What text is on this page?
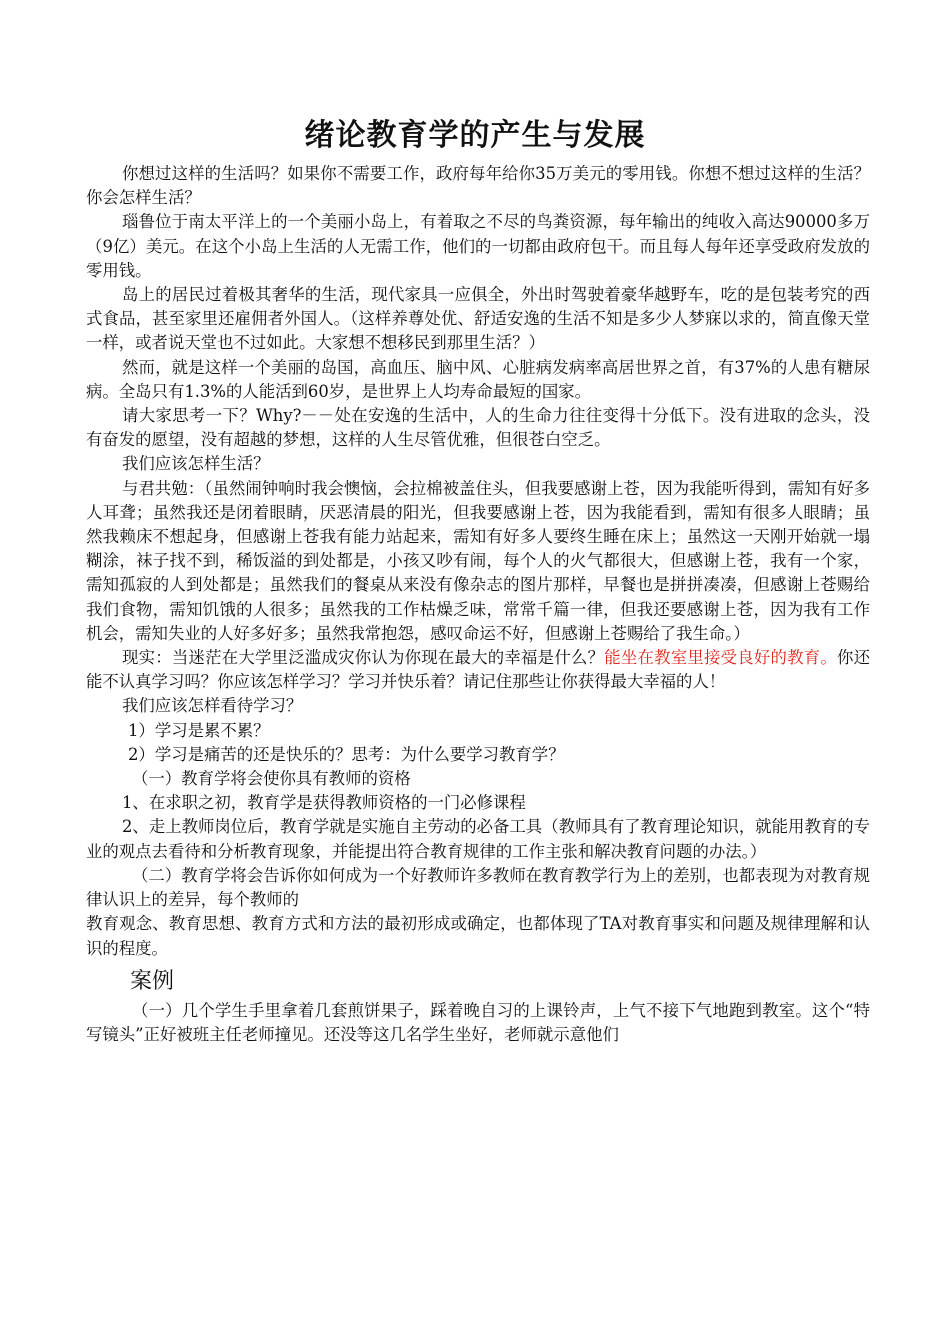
绪论教育学的产生与发展

你想过这样的生活吗？如果你不需要工作，政府每年给你35万美元的零用钱。你想不想过这样的生活？你会怎样生活？

瑙鲁位于南太平洋上的一个美丽小岛上，有着取之不尽的鸟粪资源，每年输出的纯收入高达90000多万（9亿）美元。在这个小岛上生活的人无需工作，他们的一切都由政府包干。而且每人每年还享受政府发放的零用钱。

岛上的居民过着极其奢华的生活，现代家具一应俱全，外出时驾驶着豪华越野车，吃的是包装考究的西式食品，甚至家里还雇佣者外国人。（这样养尊处优、舒适安逸的生活不知是多少人梦寐以求的，简直像天堂一样，或者说天堂也不过如此。大家想不想移民到那里生活？）

然而，就是这样一个美丽的岛国，高血压、脑中风、心脏病发病率高居世界之首，有37%的人患有糖尿病。全岛只有1.3%的人能活到60岁，是世界上人均寿命最短的国家。

请大家思考一下？Why?－－处在安逸的生活中，人的生命力往往变得十分低下。没有进取的念头，没有奋发的愿望，没有超越的梦想，这样的人生尽管优雅，但很苍白空乏。

我们应该怎样生活？

与君共勉：（虽然闹钟响时我会懊恼，会拉棉被盖住头，但我要感谢上苍，因为我能听得到，需知有好多人耳聋；虽然我还是闭着眼睛，厌恶清晨的阳光，但我要感谢上苍，因为我能看到，需知有很多人眼睛；虽然我赖床不想起身，但感谢上苍我有能力站起来，需知有好多人要终生睡在床上；虽然这一天刚开始就一塌糊涂，袜子找不到，稀饭溢的到处都是，小孩又吵有闹，每个人的火气都很大，但感谢上苍，我有一个家，需知孤寂的人到处都是；虽然我们的餐桌从来没有像杂志的图片那样，早餐也是拼拼凑凑，但感谢上苍赐给我们食物，需知饥饿的人很多；虽然我的工作枯燥乏味，常常千篇一律，但我还要感谢上苍，因为我有工作机会，需知失业的人好多好多；虽然我常抱怨，感叹命运不好，但感谢上苍赐给了我生命。）

现实：当迷茫在大学里泛滥成灾你认为你现在最大的幸福是什么？能坐在教室里接受良好的教育。你还能不认真学习吗？你应该怎样学习？学习并快乐着？请记住那些让你获得最大幸福的人！

我们应该怎样看待学习？

1）学习是累不累？

2）学习是痛苦的还是快乐的？思考：为什么要学习教育学？

（一）教育学将会使你具有教师的资格

1、在求职之初，教育学是获得教师资格的一门必修课程

2、走上教师岗位后，教育学就是实施自主劳动的必备工具（教师具有了教育理论知识，就能用教育的专业的观点去看待和分析教育现象，并能提出符合教育规律的工作主张和解决教育问题的办法。）

（二）教育学将会告诉你如何成为一个好教师许多教师在教育教学行为上的差别，也都表现为对教育规律认识上的差异，每个教师的

教育观念、教育思想、教育方式和方法的最初形成或确定，也都体现了TA对教育事实和问题及规律理解和认识的程度。

案例

（一）几个学生手里拿着几套煎饼果子，踩着晚自习的上课铃声，上气不接下气地跑到教室。这个“特写镜头”正好被班主任老师撞见。还没等这几名学生坐好，老师就示意他们
